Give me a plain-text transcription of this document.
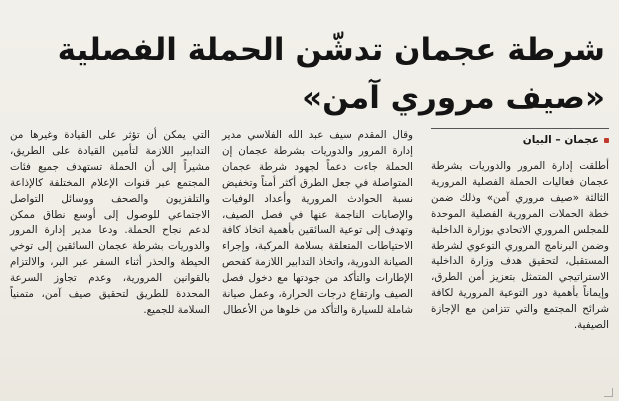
شرطة عجمان تدشّن الحملة الفصلية
«صيف مروري آمن»
عجمان – البيان

أطلقت إدارة المرور والدوريات بشرطة عجمان فعاليات الحملة الفصلية المرورية الثالثة «صيف مروري آمن» وذلك ضمن خطة الحملات المرورية الفصلية الموحدة للمجلس المروري الاتحادي بوزارة الداخلية وضمن البرنامج المروري التوعوي لشرطة المستقبل، لتحقيق هدف وزارة الداخلية الاستراتيجي المتمثل بتعزيز أمن الطرق، وإيماناً بأهمية دور التوعية المرورية لكافة شرائح المجتمع والتي تتزامن مع الإجازة الصيفية.

وقال المقدم سيف عبد الله الفلاسي مدير إدارة المرور والدوريات بشرطة عجمان إن الحملة جاءت دعماً لجهود شرطة عجمان المتواصلة في جعل الطرق أكثر أمناً وتخفيض نسبة الحوادث المرورية وأعداد الوفيات والإصابات الناجمة عنها في فصل الصيف، وتهدف إلى توعية السائقين بأهمية اتخاذ كافة الاحتياطات المتعلقة بسلامة المركبة، وإجراء الصيانة الدورية، واتخاذ التدابير اللازمة كفحص الإطارات والتأكد من جودتها مع دخول فصل الصيف وارتفاع درجات الحرارة، وعمل صيانة شاملة للسيارة والتأكد من خلوها من الأعطال

التي يمكن أن تؤثر على القيادة وغيرها من التدابير اللازمة لتأمين القيادة على الطريق، مشيراً إلى أن الحملة تستهدف جميع فئات المجتمع عبر قنوات الإعلام المختلفة كالإذاعة والتلفزيون والصحف ووسائل التواصل الاجتماعي للوصول إلى أوسع نطاق ممكن لدعم نجاح الحملة. ودعا مدير إدارة المرور والدوريات بشرطة عجمان السائقين إلى توخي الحيطة والحذر أثناء السفر عبر البر، والالتزام بالقوانين المرورية، وعدم تجاوز السرعة المحددة للطريق لتحقيق صيف آمن، متمنياً السلامة للجميع.
